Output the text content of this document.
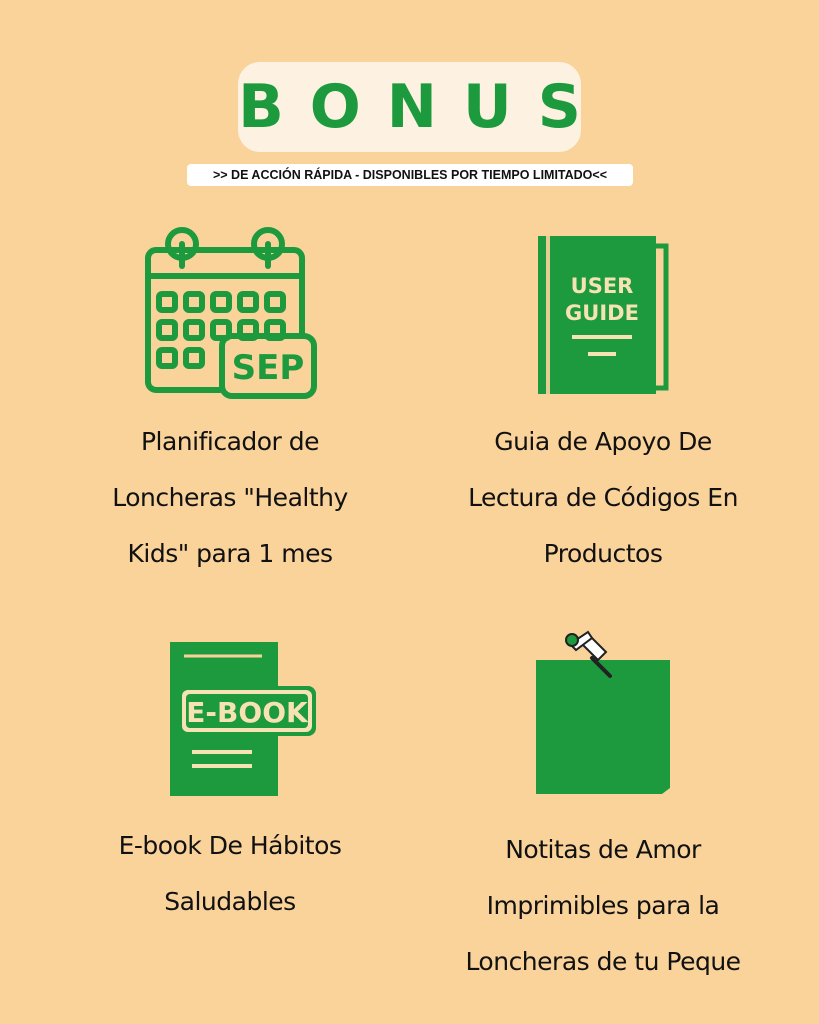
BONUS
>> DE ACCIÓN RÁPIDA - DISPONIBLES POR TIEMPO LIMITADO<<
SEP
Planificador de
Loncheras "Healthy
Kids" para 1 mes
USER
GUIDE
Guia de Apoyo De
Lectura de Códigos En
Productos
E-BOOK
E-book De Hábitos
Saludables
Notitas de Amor
Imprimibles para la
Loncheras de tu Peque
